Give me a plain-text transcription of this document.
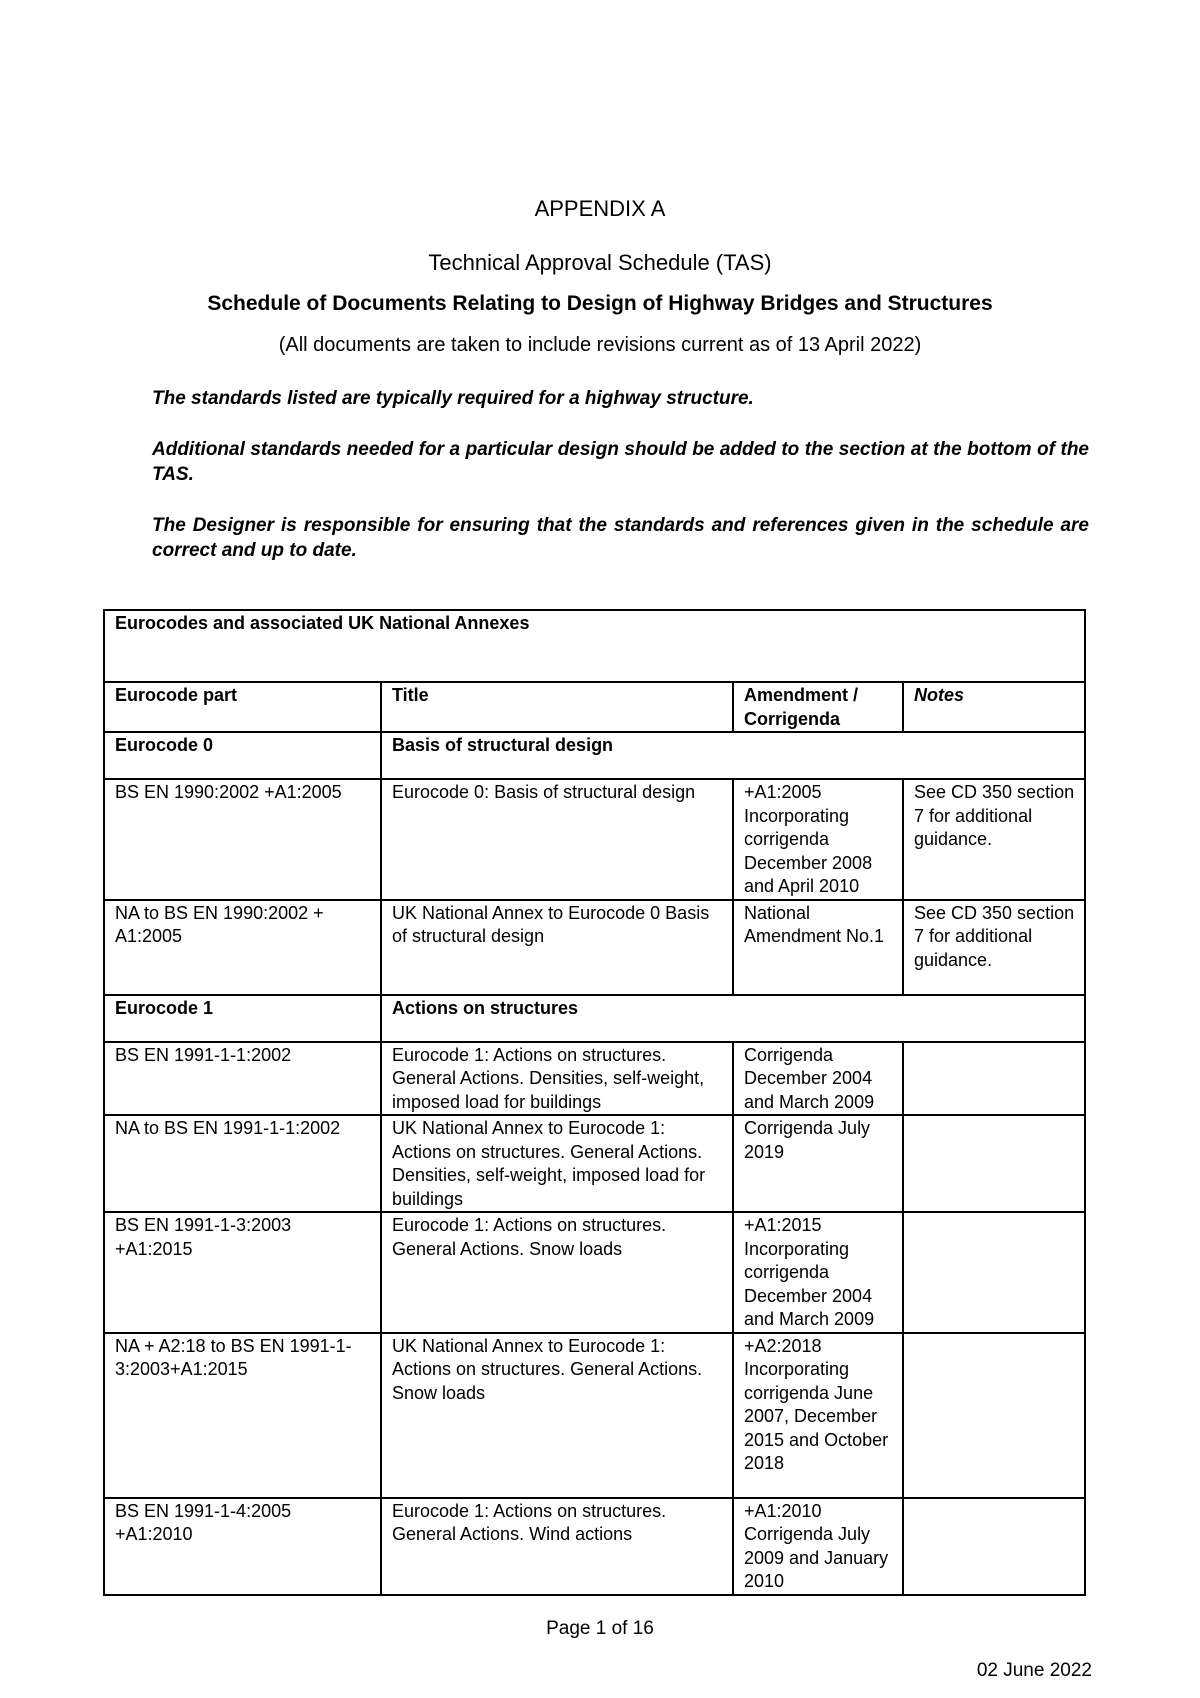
APPENDIX A
Technical Approval Schedule (TAS)
Schedule of Documents Relating to Design of Highway Bridges and Structures
(All documents are taken to include revisions current as of 13 April 2022)
The standards listed are typically required for a highway structure.
Additional standards needed for a particular design should be added to the section at the bottom of the TAS.
The Designer is responsible for ensuring that the standards and references given in the schedule are correct and up to date.
Eurocodes and associated UK National Annexes			
Eurocode part	Title	Amendment / Corrigenda	Notes
Eurocode 0	Basis of structural design		
BS EN 1990:2002 +A1:2005	Eurocode 0: Basis of structural design	+A1:2005 Incorporating corrigenda December 2008 and April 2010	See CD 350 section 7 for additional guidance.
NA to BS EN 1990:2002 + A1:2005	UK National Annex to Eurocode 0 Basis of structural design	National Amendment No.1	See CD 350 section 7 for additional guidance.
Eurocode 1	Actions on structures		
BS EN 1991-1-1:2002	Eurocode 1: Actions on structures. General Actions. Densities, self-weight, imposed load for buildings	Corrigenda December 2004 and March 2009	
NA to BS EN 1991-1-1:2002	UK National Annex to Eurocode 1: Actions on structures. General Actions. Densities, self-weight, imposed load for buildings	Corrigenda July 2019	
BS EN 1991-1-3:2003 +A1:2015	Eurocode 1: Actions on structures. General Actions. Snow loads	+A1:2015 Incorporating corrigenda December 2004 and March 2009	
NA + A2:18 to BS EN 1991-1-3:2003+A1:2015	UK National Annex to Eurocode 1: Actions on structures. General Actions. Snow loads	+A2:2018 Incorporating corrigenda June 2007, December 2015 and October 2018	
BS EN 1991-1-4:2005 +A1:2010	Eurocode 1: Actions on structures. General Actions. Wind actions	+A1:2010 Corrigenda July 2009 and January 2010	
Page 1 of 16
02 June 2022
